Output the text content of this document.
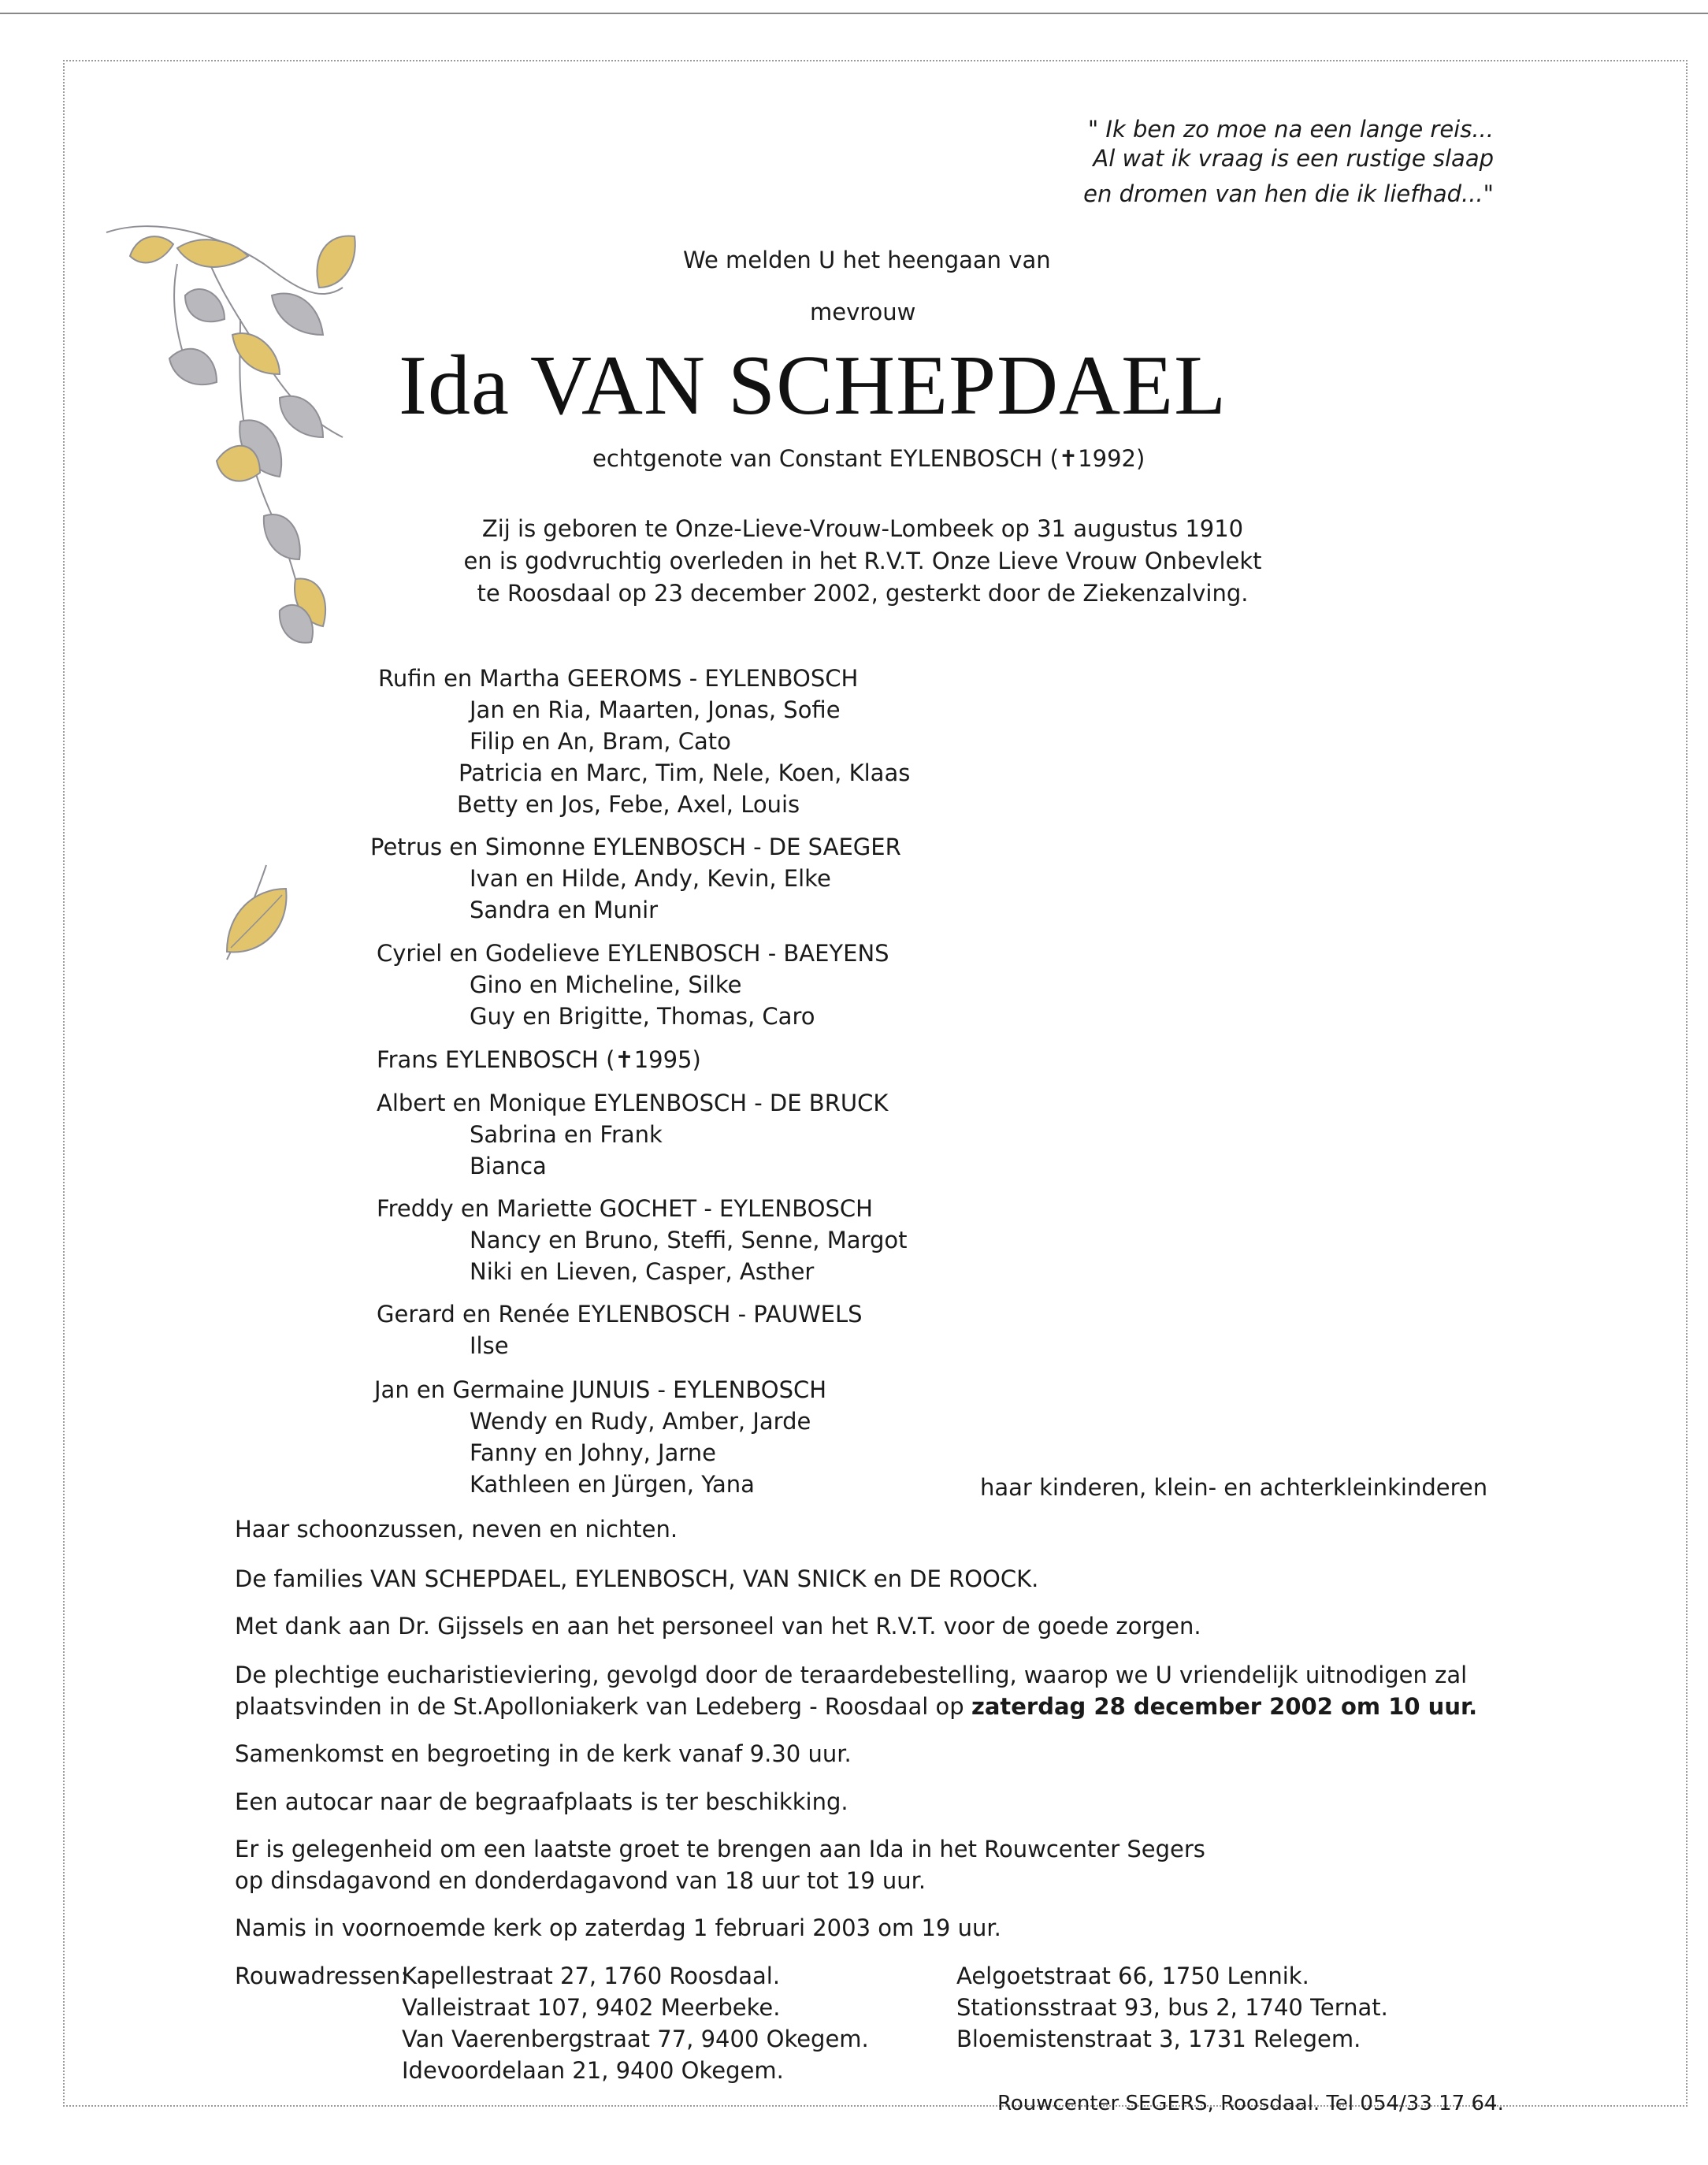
" Ik ben zo moe na een lange reis...
Al wat ik vraag is een rustige slaap
en dromen van hen die ik liefhad..."
We melden U het heengaan van
mevrouw
Ida VAN SCHEPDAEL
echtgenote van Constant EYLENBOSCH (✝1992)
Zij is geboren te Onze-Lieve-Vrouw-Lombeek op 31 augustus 1910
en is godvruchtig overleden in het R.V.T. Onze Lieve Vrouw Onbevlekt
te Roosdaal op 23 december 2002, gesterkt door de Ziekenzalving.
Rufin en Martha GEEROMS - EYLENBOSCH
Jan en Ria, Maarten, Jonas, Sofie
Filip en An, Bram, Cato
Patricia en Marc, Tim, Nele, Koen, Klaas
Betty en Jos, Febe, Axel, Louis
Petrus en Simonne EYLENBOSCH - DE SAEGER
Ivan en Hilde, Andy, Kevin, Elke
Sandra en Munir
Cyriel en Godelieve EYLENBOSCH - BAEYENS
Gino en Micheline, Silke
Guy en Brigitte, Thomas, Caro
Frans EYLENBOSCH (✝1995)
Albert en Monique EYLENBOSCH - DE BRUCK
Sabrina en Frank
Bianca
Freddy en Mariette GOCHET - EYLENBOSCH
Nancy en Bruno, Steffi, Senne, Margot
Niki en Lieven, Casper, Asther
Gerard en Renée EYLENBOSCH - PAUWELS
Ilse
Jan en Germaine JUNUIS - EYLENBOSCH
Wendy en Rudy, Amber, Jarde
Fanny en Johny, Jarne
Kathleen en Jürgen, Yana	haar kinderen, klein- en achterkleinkinderen
Haar schoonzussen, neven en nichten.
De families VAN SCHEPDAEL, EYLENBOSCH, VAN SNICK en DE ROOCK.
Met dank aan Dr. Gijssels en aan het personeel van het R.V.T. voor de goede zorgen.
De plechtige eucharistieviering, gevolgd door de teraardebestelling, waarop we U vriendelijk uitnodigen zal
plaatsvinden in de St.Apolloniakerk van Ledeberg - Roosdaal op zaterdag 28 december 2002 om 10 uur.
Samenkomst en begroeting in de kerk vanaf 9.30 uur.
Een autocar naar de begraafplaats is ter beschikking.
Er is gelegenheid om een laatste groet te brengen aan Ida in het Rouwcenter Segers
op dinsdagavond en donderdagavond van 18 uur tot 19 uur.
Namis in voornoemde kerk op zaterdag 1 februari 2003 om 19 uur.
Rouwadressen:
Kapellestraat 27, 1760 Roosdaal.
Valleistraat 107, 9402 Meerbeke.
Van Vaerenbergstraat 77, 9400 Okegem.
Idevoordelaan 21, 9400 Okegem.
Aelgoetstraat 66, 1750 Lennik.
Stationsstraat 93, bus 2, 1740 Ternat.
Bloemistenstraat 3, 1731 Relegem.
Rouwcenter SEGERS, Roosdaal. Tel 054/33 17 64.
